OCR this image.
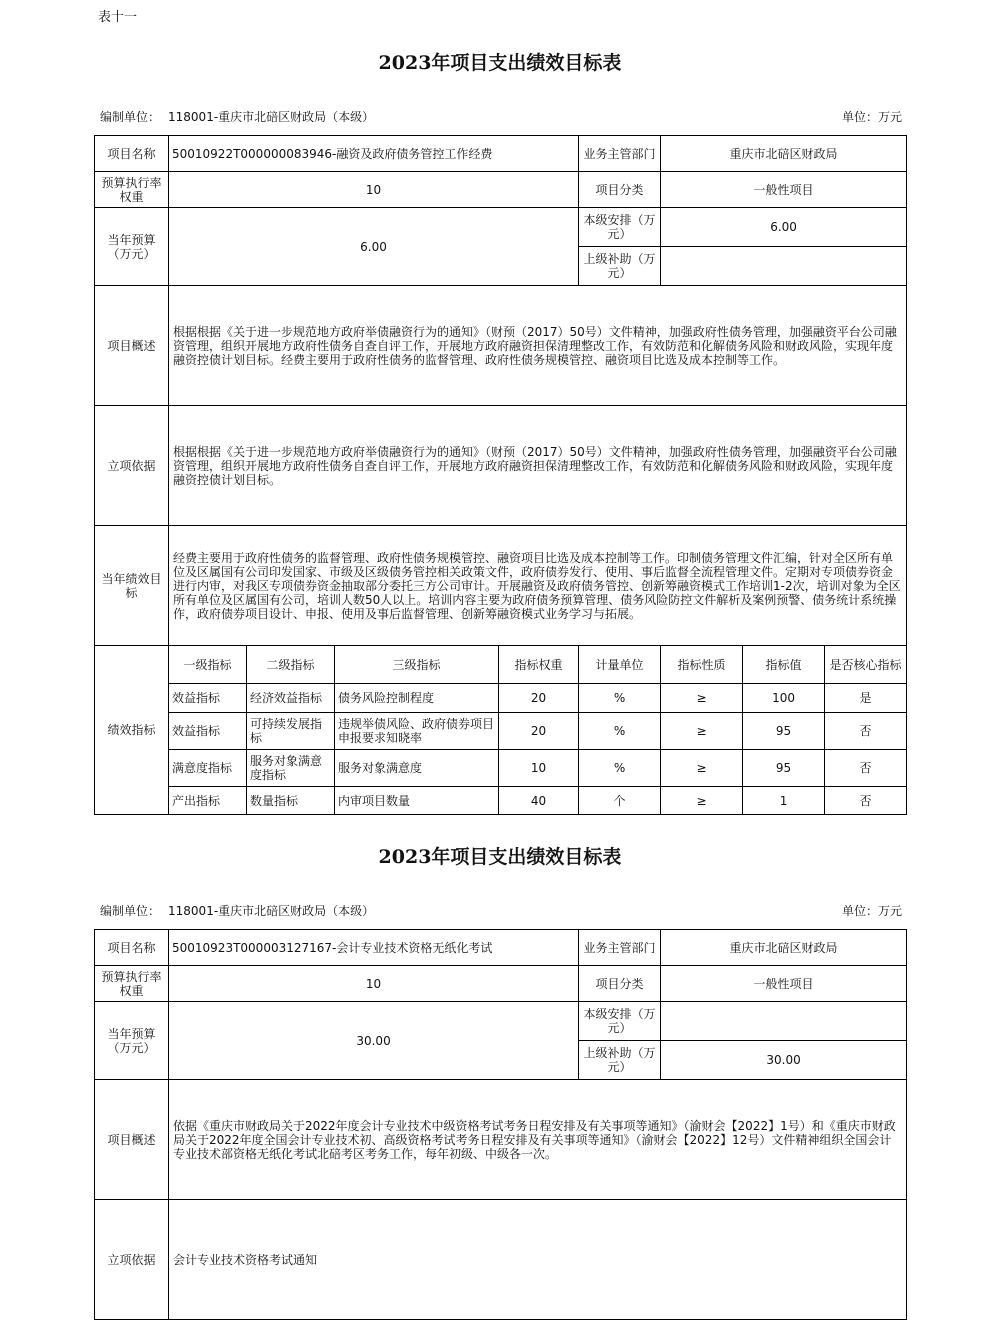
表十一
2023年项目支出绩效目标表
编制单位： 118001-重庆市北碚区财政局（本级）	单位：万元
项目名称	50010922T000000083946-融资及政府债务管控工作经费				业务主管部门	重庆市北碚区财政局		
预算执行率权重	10				项目分类	一般性项目		
当年预算（万元）	6.00				本级安排（万元）	6.00		
					上级补助（万元）			
项目概述	根据根据《关于进一步规范地方政府举债融资行为的通知》（财预（2017）50号）文件精神，加强政府性债务管理，加强融资平台公司融资管理，组织开展地方政府性债务自查自评工作，开展地方政府融资担保清理整改工作，有效防范和化解债务风险和财政风险，实现年度融资控债计划目标。经费主要用于政府性债务的监督管理、政府性债务规模管控、融资项目比选及成本控制等工作。							
立项依据	根据根据《关于进一步规范地方政府举债融资行为的通知》（财预（2017）50号）文件精神，加强政府性债务管理，加强融资平台公司融资管理，组织开展地方政府性债务自查自评工作，开展地方政府融资担保清理整改工作，有效防范和化解债务风险和财政风险，实现年度融资控债计划目标。							
当年绩效目标	经费主要用于政府性债务的监督管理、政府性债务规模管控、融资项目比选及成本控制等工作。印制债务管理文件汇编，针对全区所有单位及区属国有公司印发国家、市级及区级债务管控相关政策文件，政府债券发行、使用、事后监督全流程管理文件。定期对专项债券资金进行内审，对我区专项债券资金抽取部分委托三方公司审计。开展融资及政府债务管控、创新筹融资模式工作培训1-2次，培训对象为全区所有单位及区属国有公司，培训人数50人以上。培训内容主要为政府债务预算管理、债务风险防控文件解析及案例预警、债务统计系统操作，政府债券项目设计、申报、使用及事后监督管理、创新筹融资模式业务学习与拓展。							
绩效指标	一级指标	二级指标	三级指标	指标权重	计量单位	指标性质	指标值	是否核心指标
	效益指标	经济效益指标	债务风险控制程度	20	%	≥	100	是
	效益指标	可持续发展指标	违规举债风险、政府债券项目申报要求知晓率	20	%	≥	95	否
	满意度指标	服务对象满意度指标	服务对象满意度	10	%	≥	95	否
	产出指标	数量指标	内审项目数量	40	个	≥	1	否
2023年项目支出绩效目标表
编制单位： 118001-重庆市北碚区财政局（本级）	单位：万元
项目名称	50010923T000003127167-会计专业技术资格无纸化考试	业务主管部门	重庆市北碚区财政局
预算执行率权重	10	项目分类	一般性项目
当年预算（万元）	30.00	本级安排（万元）	
		上级补助（万元）	30.00
项目概述	依据《重庆市财政局关于2022年度会计专业技术中级资格考试考务日程安排及有关事项等通知》（渝财会【2022】1号）和《重庆市财政局关于2022年度全国会计专业技术初、高级资格考试考务日程安排及有关事项等通知》（渝财会【2022】12号）文件精神组织全国会计专业技术部资格无纸化考试北碚考区考务工作，每年初级、中级各一次。		
立项依据	会计专业技术资格考试通知		
